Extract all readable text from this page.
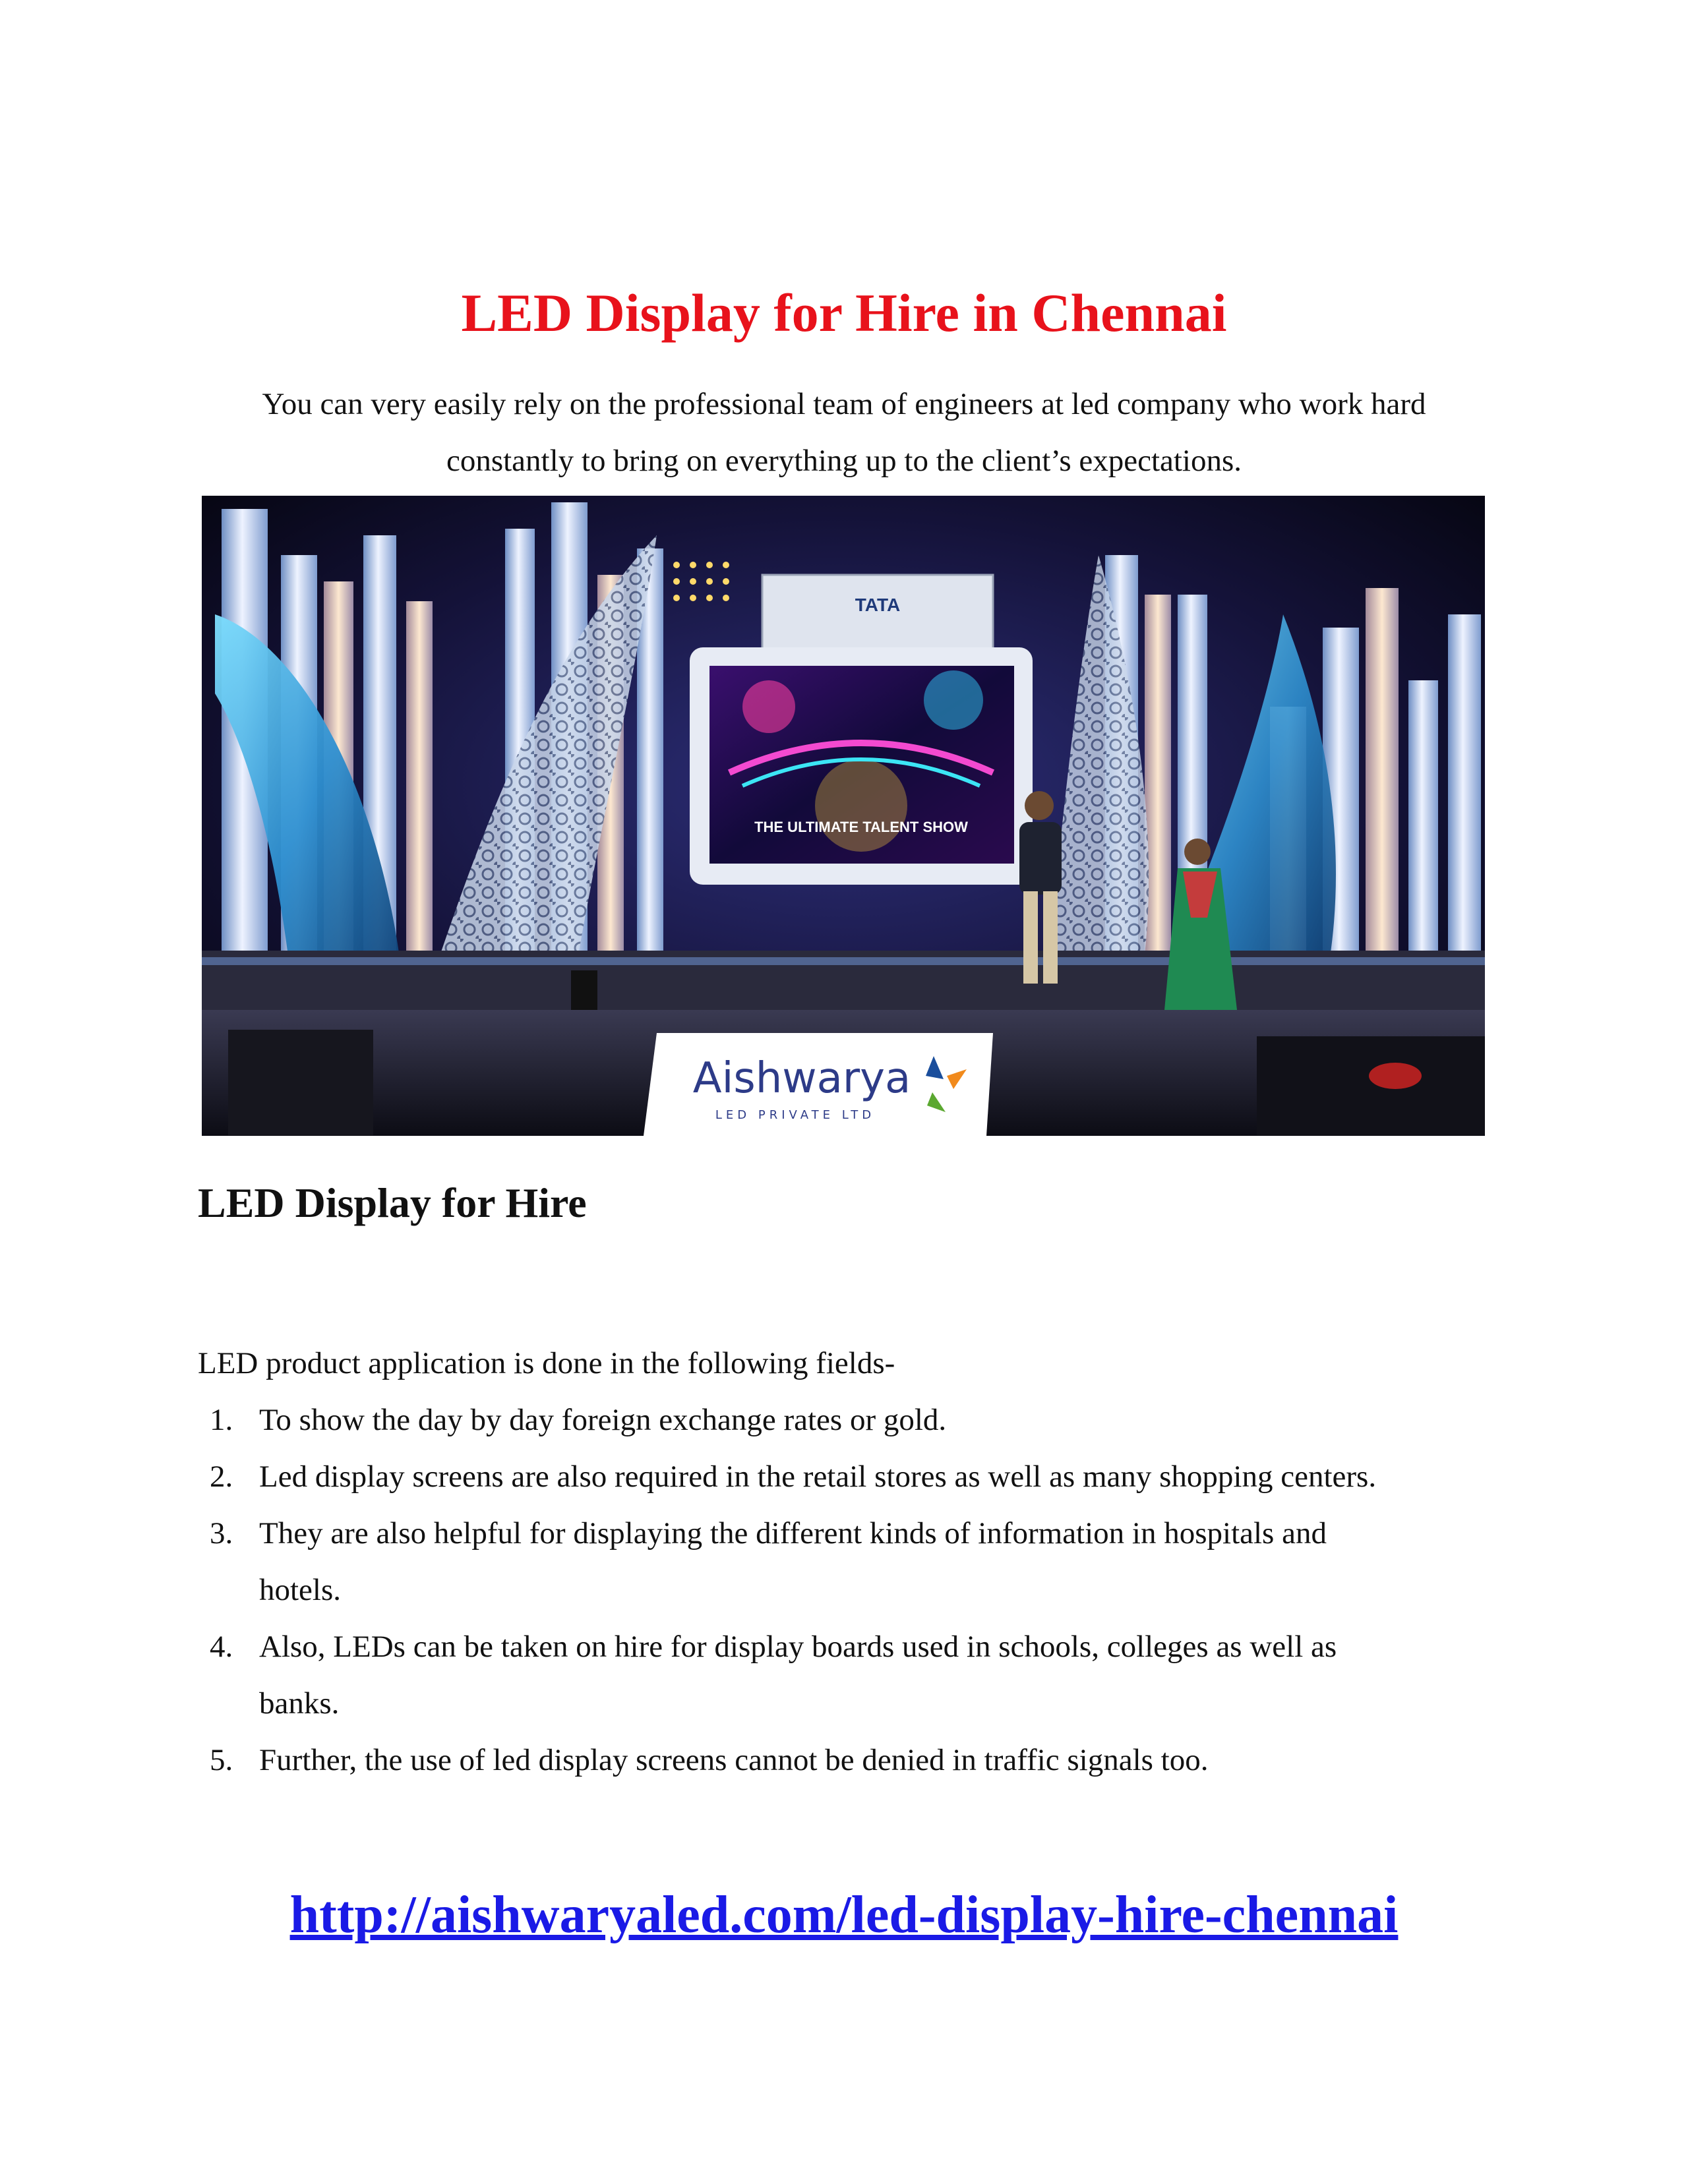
LED Display for Hire in Chennai

You can very easily rely on the professional team of engineers at led company who work hard
constantly to bring on everything up to the client’s expectations.

TATA
THE ULTIMATE TALENT SHOW
Aishwarya
LED PRIVATE LTD
LED Display for Hire

LED product application is done in the following fields-

1. To show the day by day foreign exchange rates or gold.
2. Led display screens are also required in the retail stores as well as many shopping centers.
3. They are also helpful for displaying the different kinds of information in hospitals and
hotels.
4. Also, LEDs can be taken on hire for display boards used in schools, colleges as well as
banks.
5. Further, the use of led display screens cannot be denied in traffic signals too.

http://aishwaryaled.com/led-display-hire-chennai
